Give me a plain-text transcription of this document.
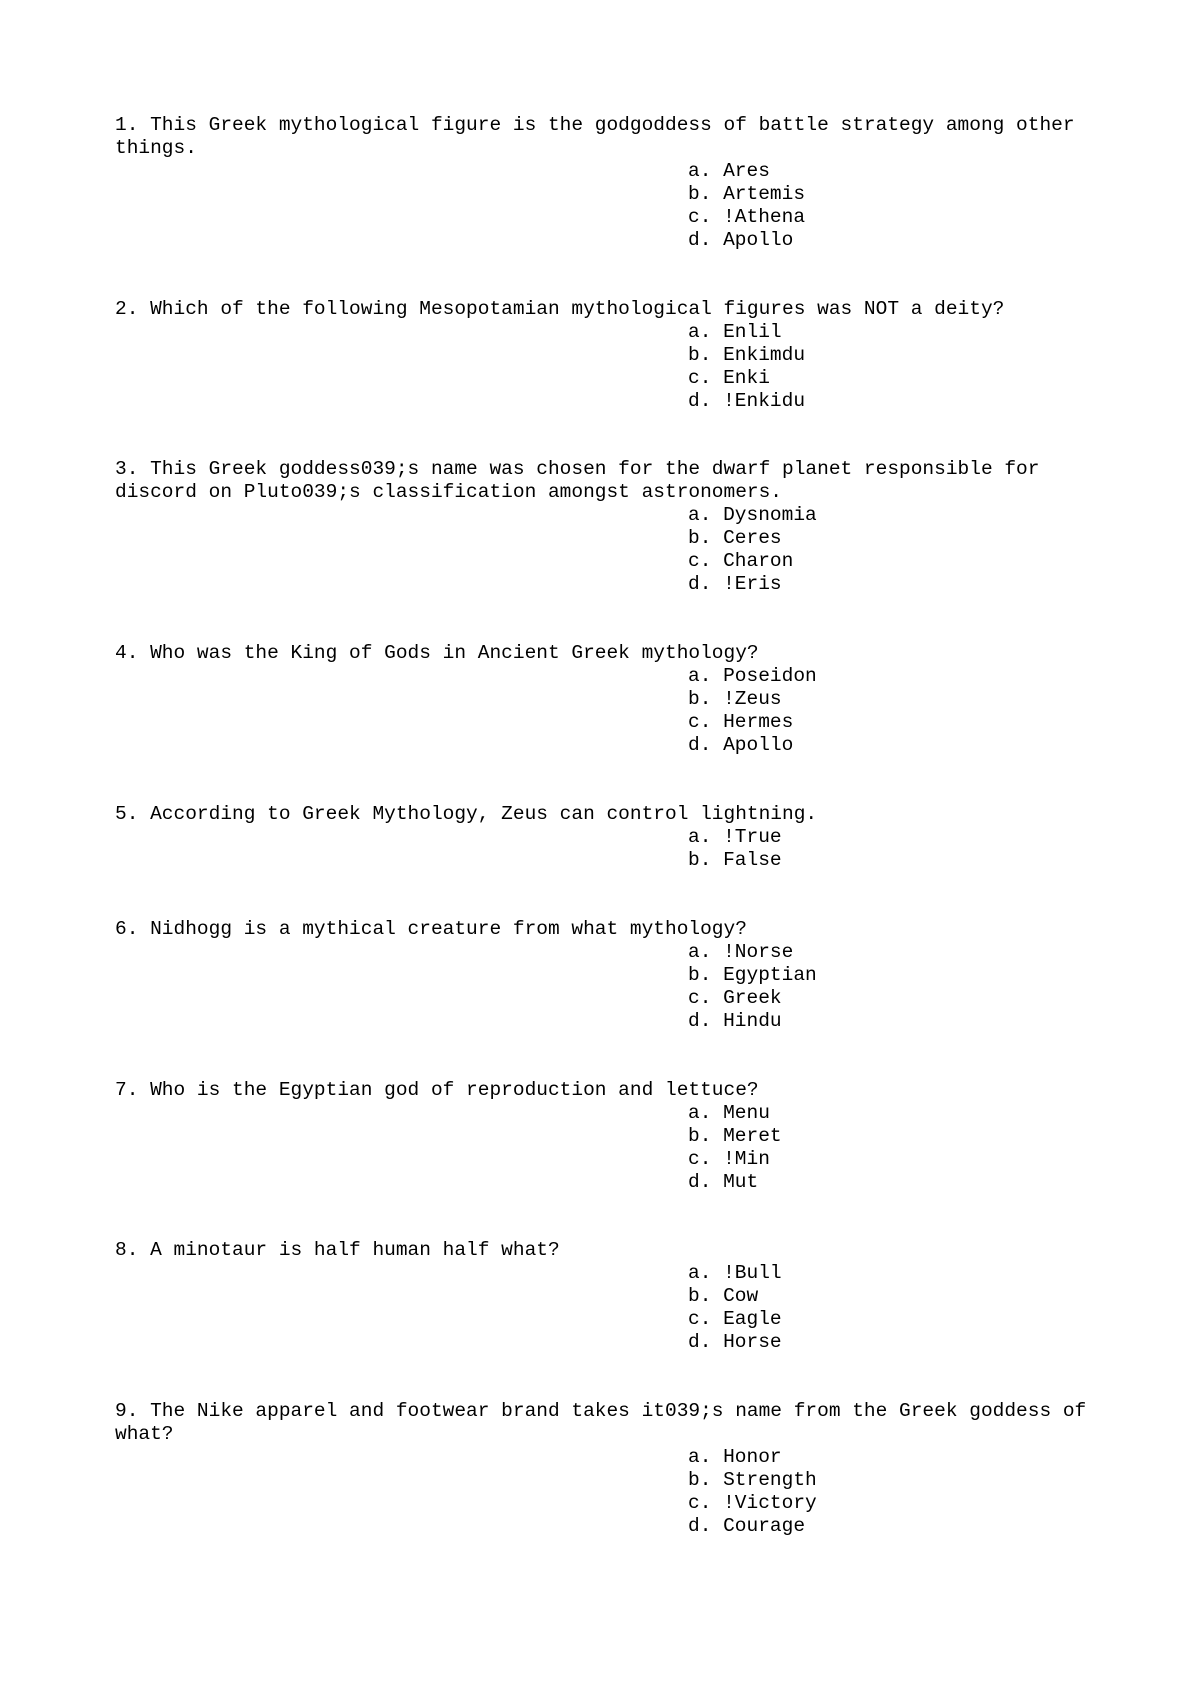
1. This Greek mythological figure is the godgoddess of battle strategy among other things.

a. Ares
b. Artemis
c. !Athena
d. Apollo

2. Which of the following Mesopotamian mythological figures was NOT a deity?

a. Enlil
b. Enkimdu
c. Enki
d. !Enkidu

3. This Greek goddess039;s name was chosen for the dwarf planet responsible for discord on Pluto039;s classification amongst astronomers.

a. Dysnomia
b. Ceres
c. Charon
d. !Eris

4. Who was the King of Gods in Ancient Greek mythology?

a. Poseidon
b. !Zeus
c. Hermes
d. Apollo

5. According to Greek Mythology, Zeus can control lightning.

a. !True
b. False

6. Nidhogg is a mythical creature from what mythology?

a. !Norse
b. Egyptian
c. Greek
d. Hindu

7. Who is the Egyptian god of reproduction and lettuce?

a. Menu
b. Meret
c. !Min
d. Mut

8. A minotaur is half human half what?

a. !Bull
b. Cow
c. Eagle
d. Horse

9. The Nike apparel and footwear brand takes it039;s name from the Greek goddess of what?

a. Honor
b. Strength
c. !Victory
d. Courage
